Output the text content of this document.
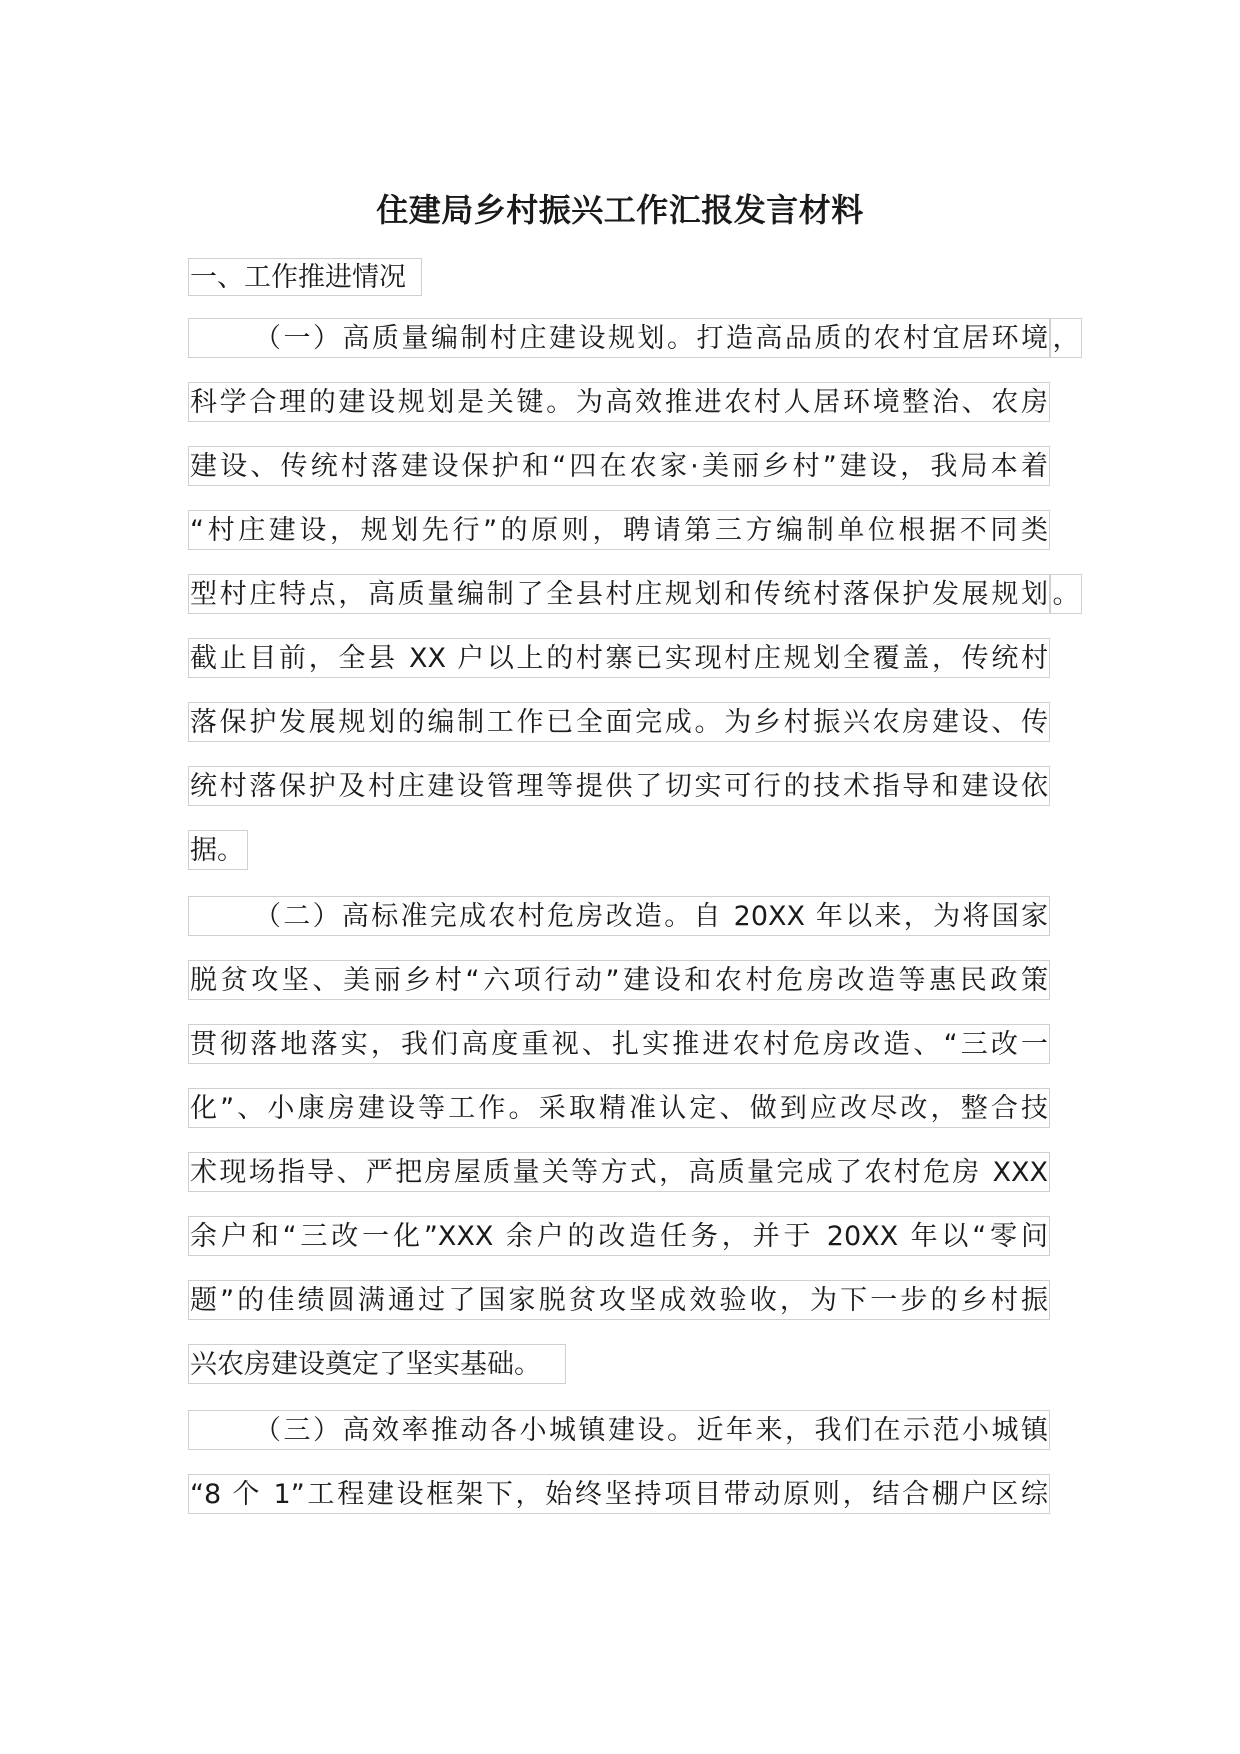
住建局乡村振兴工作汇报发言材料
一、工作推进情况
（一）高质量编制村庄建设规划。打造高品质的农村宜居环境 ，
科学合理的建设规划是关键。为高效推进农村人居环境整治、农房
建设、传统村落建设保护和“四在农家·美丽乡村”建设，我局本着
“村庄建设，规划先行”的原则，聘请第三方编制单位根据不同类
型村庄特点，高质量编制了全县村庄规划和传统村落保护发展规划 。
截止目前，全县 XX 户以上的村寨已实现村庄规划全覆盖，传统村
落保护发展规划的编制工作已全面完成。为乡村振兴农房建设、传
统村落保护及村庄建设管理等提供了切实可行的技术指导和建设依
据。
（二）高标准完成农村危房改造。自 20XX 年以来，为将国家
脱贫攻坚、美丽乡村“六项行动”建设和农村危房改造等惠民政策
贯彻落地落实，我们高度重视、扎实推进农村危房改造、“三改一
化”、小康房建设等工作。采取精准认定、做到应改尽改，整合技
术现场指导、严把房屋质量关等方式，高质量完成了农村危房 XXX
余户和“三改一化”XXX 余户的改造任务，并于 20XX 年以“零问
题”的佳绩圆满通过了国家脱贫攻坚成效验收，为下一步的乡村振
兴农房建设奠定了坚实基础。
（三）高效率推动各小城镇建设。近年来，我们在示范小城镇
“8 个 1”工程建设框架下，始终坚持项目带动原则，结合棚户区综
